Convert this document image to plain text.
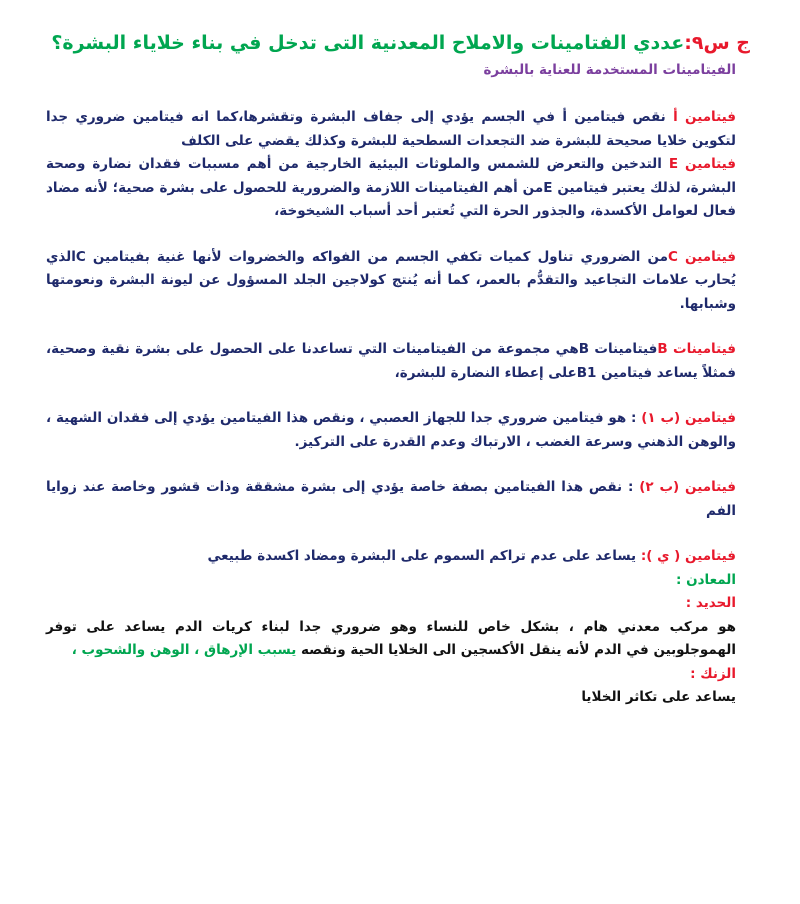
ج س٩:عددي الفتامينات والاملاح المعدنية التى تدخل في بناء خلاياء البشرة؟
الفيتامينات المستخدمة للعناية بالبشرة

فيتامين أ نقص فيتامين أ في الجسم يؤدي إلى جفاف البشرة وتقشرها،كما انه فيتامين ضروري جدا لتكوين خلايا صحيحة للبشرة ضد التجعدات السطحية للبشرة وكذلك يقضي على الكلف

فيتامين E التدخين والتعرض للشمس والملوثات البيئية الخارجية من أهم مسببات فقدان نضارة وصحة البشرة، لذلك يعتبر فيتامين Eمن أهم الفيتامينات اللازمة والضرورية للحصول على بشرة صحية؛ لأنه مضاد فعال لعوامل الأكسدة، والجذور الحرة التي تُعتبر أحد أسباب الشيخوخة،

فيتامين Cمن الضروري تناول كميات تكفي الجسم من الفواكه والخضروات لأنها غنية بفيتامين Cالذي يُحارب علامات التجاعيد والتقدُّم بالعمر، كما أنه يُنتج كولاجين الجلد المسؤول عن ليونة البشرة ونعومتها وشبابها.

فيتامينات Bفيتامينات Bهي مجموعة من الفيتامينات التي تساعدنا على الحصول على بشرة نقية وصحية، فمثلاً يساعد فيتامين B1على إعطاء النضارة للبشرة،

فيتامين (ب ١) : هو فيتامين ضروري جدا للجهاز العصبي ، ونقص هذا الفيتامين يؤدي إلى فقدان الشهية ، والوهن الذهني وسرعة الغضب ، الارتباك وعدم القدرة على التركيز.

فيتامين (ب ٢) : نقص هذا الفيتامين بصفة خاصة يؤدي إلى بشرة مشققة وذات قشور وخاصة عند زوايا الفم

فيتامين ( ي ): يساعد على عدم تراكم السموم على البشرة ومضاد اكسدة طبيعي

المعادن :

الحديد :

هو مركب معدني هام ، بشكل خاص للنساء وهو ضروري جدا لبناء كريات الدم يساعد على توفر الهموجلوبين في الدم لأنه ينقل الأكسجين الى الخلايا الحية ونقصه يسبب الإرهاق ، الوهن والشحوب ،

الزنك :

يساعد على تكاثر الخلايا
